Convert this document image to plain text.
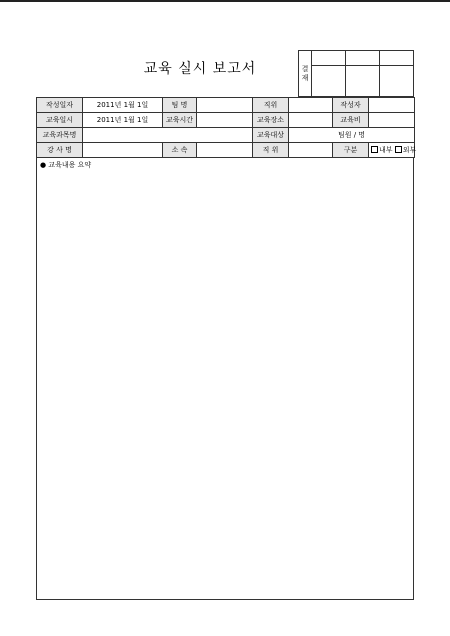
교육 실시 보고서	결재			

작성일자	2011년 1월 1일	팀 명		직위		작성자	
교육일시	2011년 1월 1일	교육시간		교육장소		교육비	
교육과목명				교육대상	팀원 / 명		
강 사 명		소 속		직 위		구분	내부 외부
● 교육내용 요약
